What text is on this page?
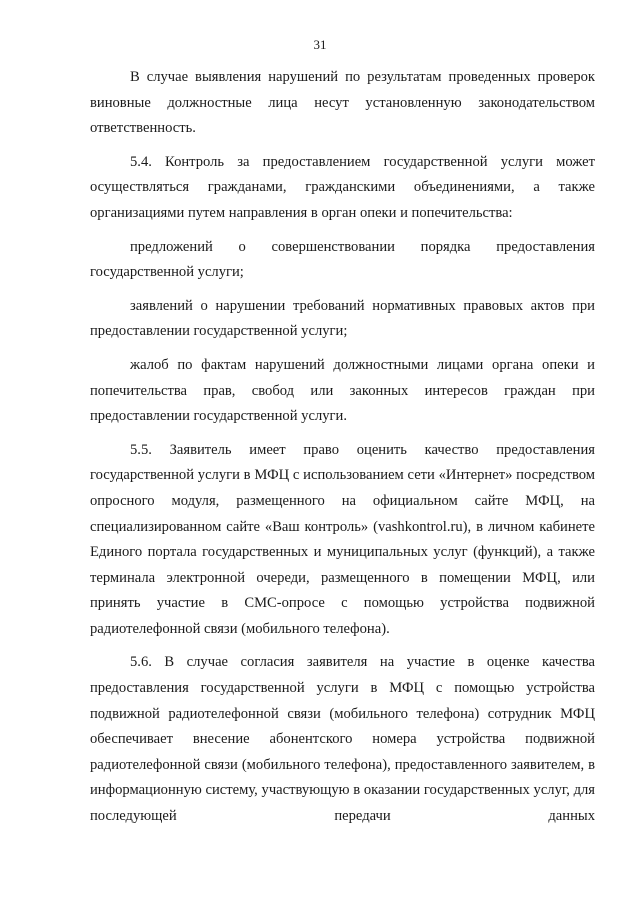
31

В случае выявления нарушений по результатам проведенных проверок виновные должностные лица несут установленную законодательством ответственность.

5.4. Контроль за предоставлением государственной услуги может осуществляться гражданами, гражданскими объединениями, а также организациями путем направления в орган опеки и попечительства:

предложений о совершенствовании порядка предоставления государственной услуги;

заявлений о нарушении требований нормативных правовых актов при предоставлении государственной услуги;

жалоб по фактам нарушений должностными лицами органа опеки и попечительства прав, свобод или законных интересов граждан при предоставлении государственной услуги.

5.5. Заявитель имеет право оценить качество предоставления государственной услуги в МФЦ с использованием сети «Интернет» посредством опросного модуля, размещенного на официальном сайте МФЦ, на специализированном сайте «Ваш контроль» (vashkontrol.ru), в личном кабинете Единого портала государственных и муниципальных услуг (функций), а также терминала электронной очереди, размещенного в помещении МФЦ, или принять участие в СМС-опросе с помощью устройства подвижной радиотелефонной связи (мобильного телефона).

5.6. В случае согласия заявителя на участие в оценке качества предоставления государственной услуги в МФЦ с помощью устройства подвижной радиотелефонной связи (мобильного телефона) сотрудник МФЦ обеспечивает внесение абонентского номера устройства подвижной радиотелефонной связи (мобильного телефона), предоставленного заявителем, в информационную систему, участвующую в оказании государственных услуг, для последующей передачи данных
